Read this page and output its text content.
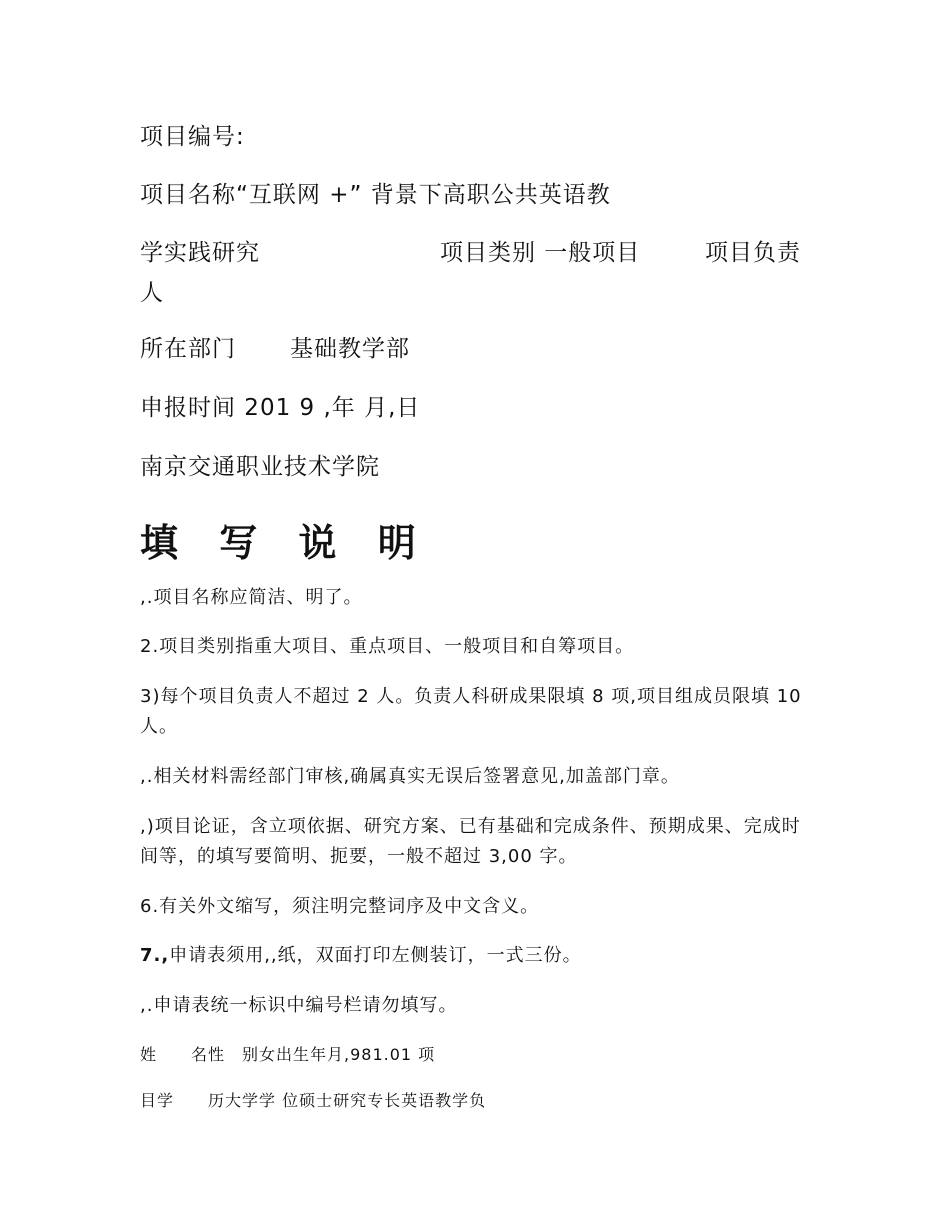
项目编号:
项目名称“互联网 +” 背景下高职公共英语教
学实践研究	项目类别 一般项目	项目负责
人
所在部门 基础教学部
申报时间 201 9 ,年 月,日
南京交通职业技术学院
填 写 说 明
,.项目名称应简洁、明了。
2.项目类别指重大项目、重点项目、一般项目和自筹项目。
3)每个项目负责人不超过 2 人。负责人科研成果限填 8 项,项目组成员限填 10 人。
,.相关材料需经部门审核,确属真实无误后签署意见,加盖部门章。
,)项目论证，含立项依据、研究方案、已有基础和完成条件、预期成果、完成时间等，的填写要简明、扼要，一般不超过 3,00 字。
6.有关外文缩写，须注明完整词序及中文含义。
7.,申请表须用,,纸，双面打印左侧装订，一式三份。
,.申请表统一标识中编号栏请勿填写。
姓　　名性　别女出生年月,981.01 项
目学　　历大学学 位硕士研究专长英语教学负
